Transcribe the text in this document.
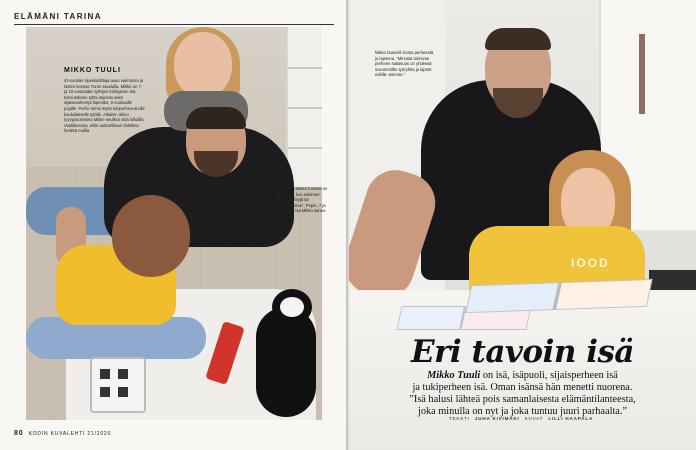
ELÄMÄNI TARINA
MIKKO TUULI
42-vuotias sijaiskodittaja asuu vaimonsa ja lasten kanssa Turun seudulla. Mikko on 7- ja 10-vuotiaiden tyttöjen biologinen isä, toimi äskeen tyttöi itejossa sekä sijaisvanhempi läpinäkö, 8-vuotiaalle pojalle. Perhe toimii myös tukiperheenä alle kouluikäiselle tytölle. Aikaisin aikoo tyyvypuomisina Mikke seulkos siitä lullutilla Vaaltiksensa, eitiin auttomillaan dolelleto herättä mullia.
”Tärkeintä lasten kanssa on olla läsnä, kun sekinsen lentään lähtyjä tai kasketuksissa”, Pepin, 7 ja Miriin, 10, isä Mikko sanoo.
80 KODIN KUVALEHTI 21/2020
IOOD
Mikko haaveili isosta perheestä jo lapsena. ”Minusta toimivan perheen salaisuus on yhdessä sovunmöltte työryhkä ja lapset edellä -asenne.”
Eri tavoin isä
Mikko Tuuli on isä, isäpuoli, sijaisperheen isä
ja tukiperheen isä. Oman isänsä hän menetti nuorena.
”Isä halusi lähteä pois samanlaisesta elämäntilanteesta,
joka minulla on nyt ja joka tuntuu juuri parhaalta.”
TEKSTI JUHA KIVIMÄKI KUVAT LILLI HAAPALA
